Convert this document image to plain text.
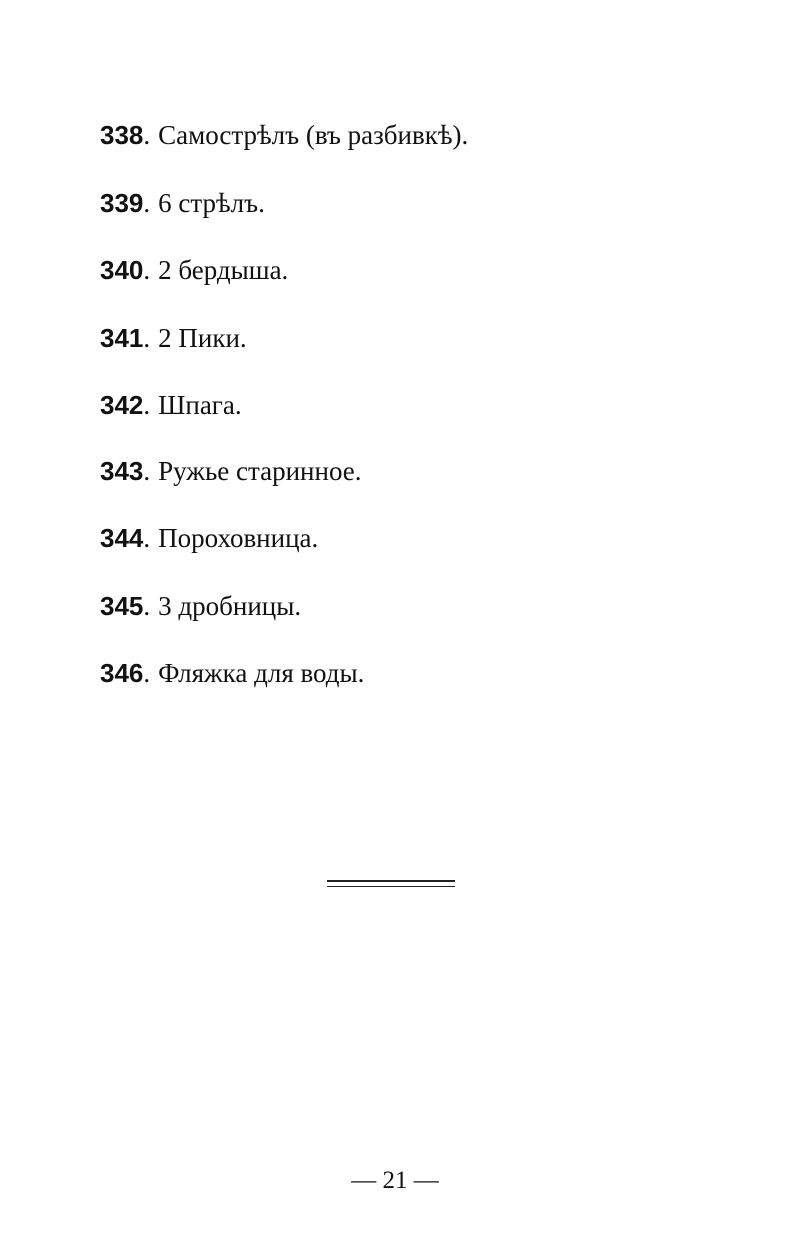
338. Самострѣлъ (въ разбивкѣ).
339. 6 стрѣлъ.
340. 2 бердыша.
341. 2 Пики.
342. Шпага.
343. Ружье старинное.
344. Пороховница.
345. 3 дробницы.
346. Фляжка для воды.
— 21 —
